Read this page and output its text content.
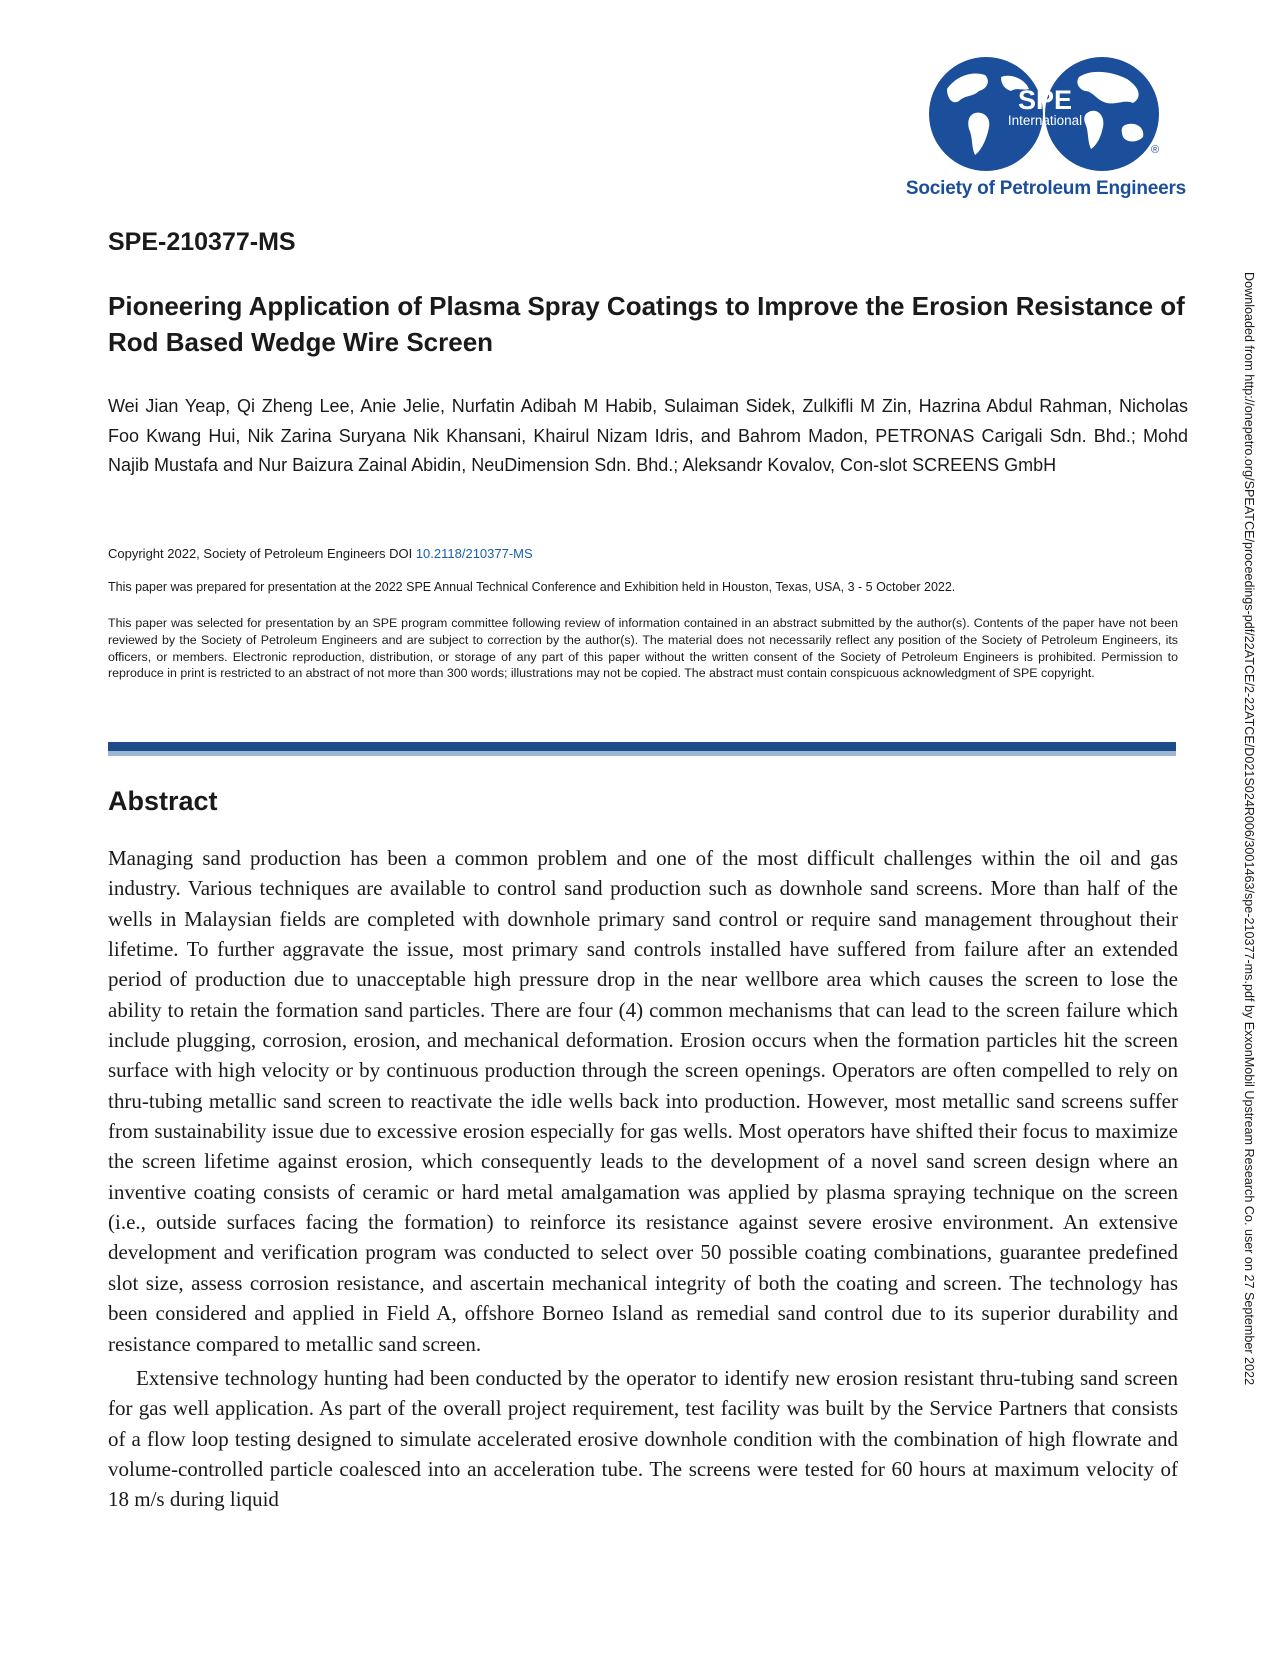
SPE
International
®
Society of Petroleum Engineers
SPE-210377-MS
Pioneering Application of Plasma Spray Coatings to Improve the Erosion Resistance of Rod Based Wedge Wire Screen

Wei Jian Yeap, Qi Zheng Lee, Anie Jelie, Nurfatin Adibah M Habib, Sulaiman Sidek, Zulkifli M Zin, Hazrina Abdul Rahman, Nicholas Foo Kwang Hui, Nik Zarina Suryana Nik Khansani, Khairul Nizam Idris, and Bahrom Madon, PETRONAS Carigali Sdn. Bhd.; Mohd Najib Mustafa and Nur Baizura Zainal Abidin, NeuDimension Sdn. Bhd.; Aleksandr Kovalov, Con-slot SCREENS GmbH

Copyright 2022, Society of Petroleum Engineers DOI 10.2118/210377-MS
This paper was prepared for presentation at the 2022 SPE Annual Technical Conference and Exhibition held in Houston, Texas, USA, 3 - 5 October 2022.

This paper was selected for presentation by an SPE program committee following review of information contained in an abstract submitted by the author(s). Contents of the paper have not been reviewed by the Society of Petroleum Engineers and are subject to correction by the author(s). The material does not necessarily reflect any position of the Society of Petroleum Engineers, its officers, or members. Electronic reproduction, distribution, or storage of any part of this paper without the written consent of the Society of Petroleum Engineers is prohibited. Permission to reproduce in print is restricted to an abstract of not more than 300 words; illustrations may not be copied. The abstract must contain conspicuous acknowledgment of SPE copyright.

Abstract

Managing sand production has been a common problem and one of the most difficult challenges within the oil and gas industry. Various techniques are available to control sand production such as downhole sand screens. More than half of the wells in Malaysian fields are completed with downhole primary sand control or require sand management throughout their lifetime. To further aggravate the issue, most primary sand controls installed have suffered from failure after an extended period of production due to unacceptable high pressure drop in the near wellbore area which causes the screen to lose the ability to retain the formation sand particles. There are four (4) common mechanisms that can lead to the screen failure which include plugging, corrosion, erosion, and mechanical deformation. Erosion occurs when the formation particles hit the screen surface with high velocity or by continuous production through the screen openings. Operators are often compelled to rely on thru-tubing metallic sand screen to reactivate the idle wells back into production. However, most metallic sand screens suffer from sustainability issue due to excessive erosion especially for gas wells. Most operators have shifted their focus to maximize the screen lifetime against erosion, which consequently leads to the development of a novel sand screen design where an inventive coating consists of ceramic or hard metal amalgamation was applied by plasma spraying technique on the screen (i.e., outside surfaces facing the formation) to reinforce its resistance against severe erosive environment. An extensive development and verification program was conducted to select over 50 possible coating combinations, guarantee predefined slot size, assess corrosion resistance, and ascertain mechanical integrity of both the coating and screen. The technology has been considered and applied in Field A, offshore Borneo Island as remedial sand control due to its superior durability and resistance compared to metallic sand screen.

Extensive technology hunting had been conducted by the operator to identify new erosion resistant thru-tubing sand screen for gas well application. As part of the overall project requirement, test facility was built by the Service Partners that consists of a flow loop testing designed to simulate accelerated erosive downhole condition with the combination of high flowrate and volume-controlled particle coalesced into an acceleration tube. The screens were tested for 60 hours at maximum velocity of 18 m/s during liquid

Downloaded from http://onepetro.org/SPEATCE/proceedings-pdf/22ATCE/2-22ATCE/D021S024R006/3001463/spe-210377-ms.pdf by ExxonMobil Upstream Research Co. user on 27 September 2022
